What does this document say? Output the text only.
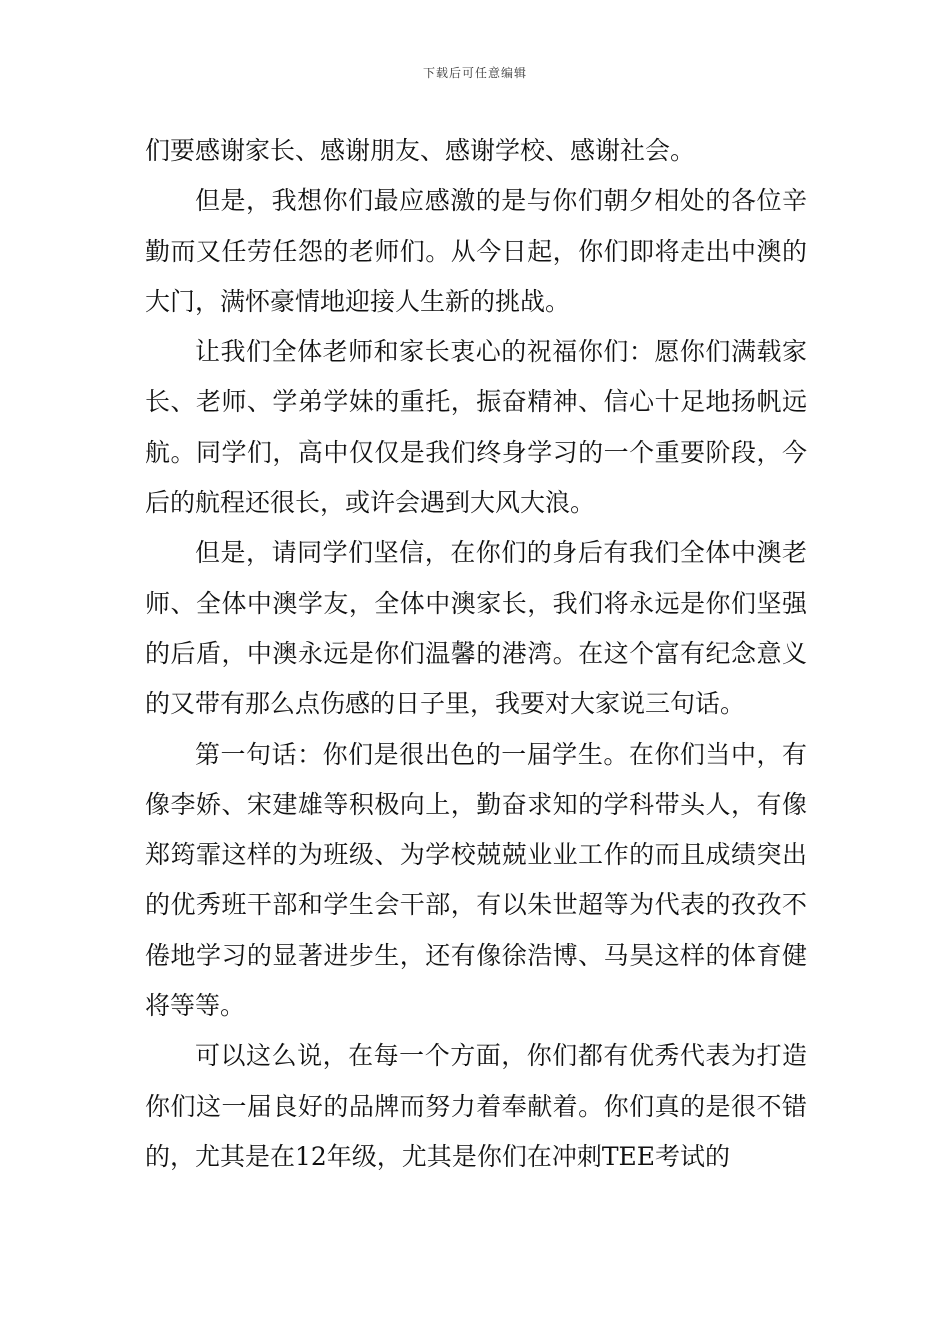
下载后可任意编辑

们要感谢家长、感谢朋友、感谢学校、感谢社会。

但是，我想你们最应感激的是与你们朝夕相处的各位辛勤而又任劳任怨的老师们。从今日起，你们即将走出中澳的大门，满怀豪情地迎接人生新的挑战。

让我们全体老师和家长衷心的祝福你们：愿你们满载家长、老师、学弟学妹的重托，振奋精神、信心十足地扬帆远航。同学们，高中仅仅是我们终身学习的一个重要阶段，今后的航程还很长，或许会遇到大风大浪。

但是，请同学们坚信，在你们的身后有我们全体中澳老师、全体中澳学友，全体中澳家长，我们将永远是你们坚强的后盾，中澳永远是你们温馨的港湾。在这个富有纪念意义的又带有那么点伤感的日子里，我要对大家说三句话。

第一句话：你们是很出色的一届学生。在你们当中，有像李娇、宋建雄等积极向上，勤奋求知的学科带头人，有像郑筠霏这样的为班级、为学校兢兢业业工作的而且成绩突出的优秀班干部和学生会干部，有以朱世超等为代表的孜孜不倦地学习的显著进步生，还有像徐浩博、马昊这样的体育健将等等。

可以这么说，在每一个方面，你们都有优秀代表为打造你们这一届良好的品牌而努力着奉献着。你们真的是很不错的，尤其是在12年级，尤其是你们在冲刺TEE考试的
